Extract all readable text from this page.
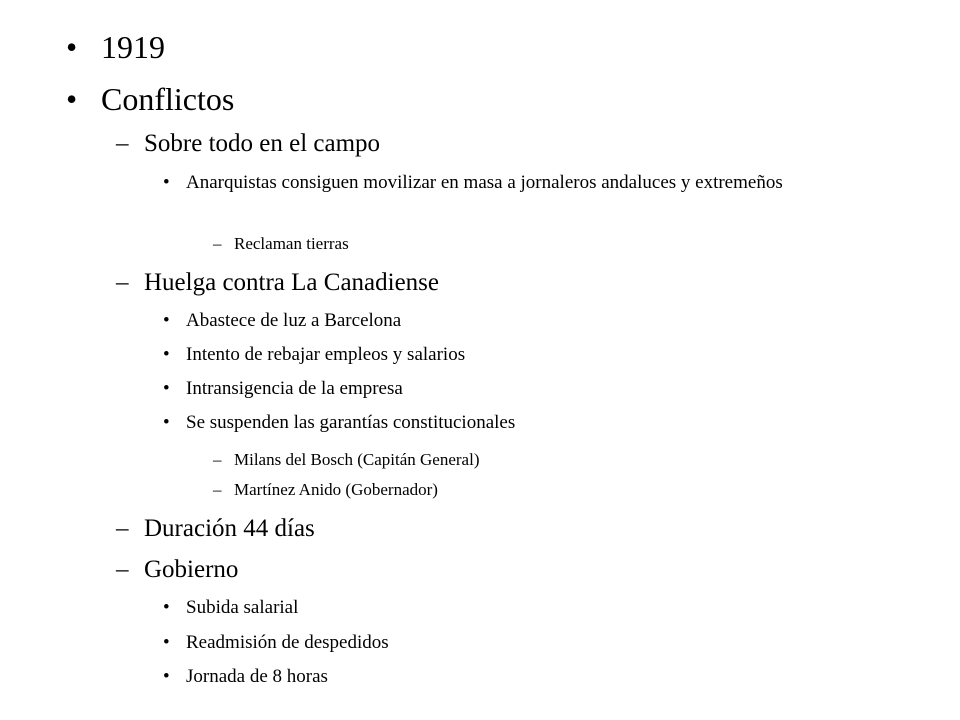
• 1919
• Conflictos
– Sobre todo en el campo
• Anarquistas consiguen movilizar en masa a jornaleros andaluces y extremeños
– Reclaman tierras
– Huelga contra La Canadiense
• Abastece de luz a Barcelona
• Intento de rebajar empleos y salarios
• Intransigencia de la empresa
• Se suspenden las garantías constitucionales
– Milans del Bosch (Capitán General)
– Martínez Anido (Gobernador)
– Duración 44 días
– Gobierno
• Subida salarial
• Readmisión de despedidos
• Jornada de 8 horas
